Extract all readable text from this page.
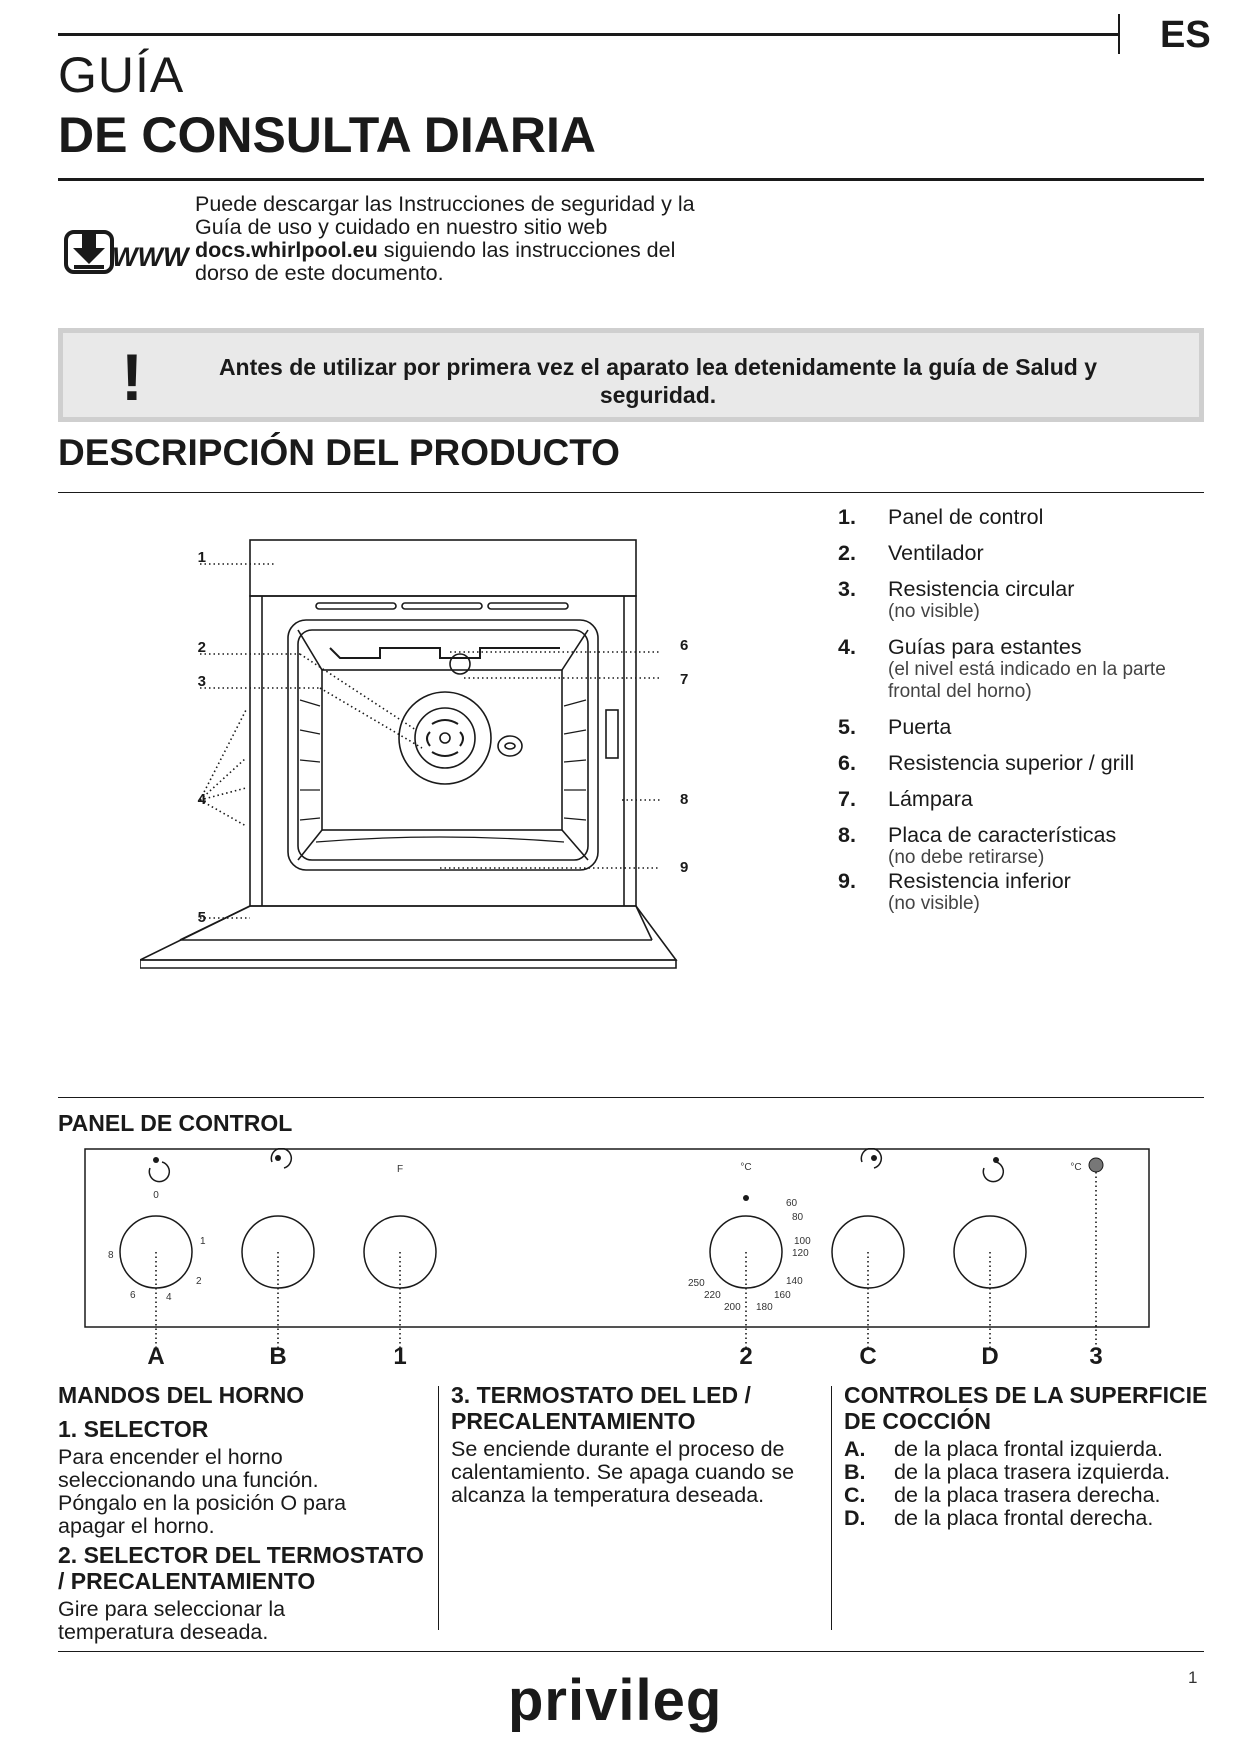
ES
GUÍA
DE CONSULTA DIARIA
WWW
Puede descargar las Instrucciones de seguridad y la Guía de uso y cuidado en nuestro sitio web docs.whirlpool.eu siguiendo las instrucciones del dorso de este documento.
!	Antes de utilizar por primera vez el aparato lea detenidamente la guía de Salud y seguridad.
DESCRIPCIÓN DEL PRODUCTO
1
2
3
4
5
6
7
8
9
1. Panel de control
2. Ventilador
3. Resistencia circular
(no visible)
4. Guías para estantes
(el nivel está indicado en la parte frontal del horno)
5. Puerta
6. Resistencia superior / grill
7. Lámpara
8. Placa de características
(no debe retirarse)
9. Resistencia inferior
(no visible)
PANEL DE CONTROL
F	°C	°C
0
1
2
4
6
8
60
80
100
120
140
160
180
200
220
250
A	B	1	2	C	D	3
MANDOS DEL HORNO
1. SELECTOR

Para encender el horno seleccionando una función. Póngalo en la posición O para apagar el horno.

2. SELECTOR DEL TERMOSTATO / PRECALENTAMIENTO

Gire para seleccionar la temperatura deseada.

3. TERMOSTATO DEL LED / PRECALENTAMIENTO

Se enciende durante el proceso de calentamiento. Se apaga cuando se alcanza la temperatura deseada.

CONTROLES DE LA SUPERFICIE DE COCCIÓN
A. de la placa frontal izquierda.
B. de la placa trasera izquierda.
C. de la placa trasera derecha.
D. de la placa frontal derecha.
privileg	1
